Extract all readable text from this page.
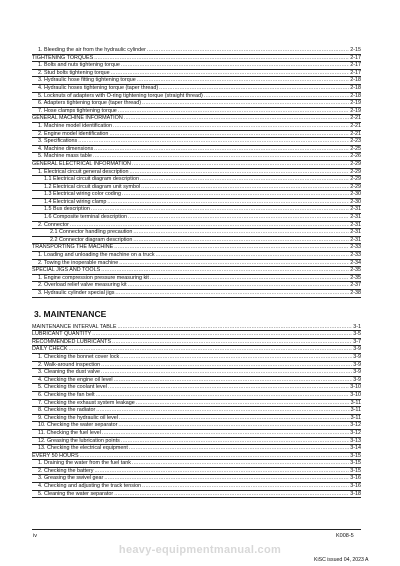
1. Bleeding the air from the hydraulic cylinder .....	2-15
TIGHTENING TORQUES .....	2-17
1. Bolts and nuts tightening torque .....	2-17
2. Stud bolts tightening torque .....	2-17
3. Hydraulic hose fitting tightening torque .....	2-18
4. Hydraulic hoses tightening torque (taper thread) .....	2-18
5. Locknuts of adapters with O-ring tightening torque (straight thread) .....	2-18
6. Adapters tightening torque (taper thread) .....	2-19
7. Hose clamps tightening torque .....	2-19
GENERAL MACHINE INFORMATION .....	2-21
1. Machine model identification .....	2-21
2. Engine model identification .....	2-21
3. Specifications .....	2-23
4. Machine dimensions .....	2-25
5. Machine mass table .....	2-26
GENERAL ELECTRICAL INFORMATION .....	2-29
1. Electrical circuit general description .....	2-29
1.1 Electrical circuit diagram description .....	2-29
1.2 Electrical circuit diagram unit symbol .....	2-29
1.3 Electrical wiring color coding .....	2-30
1.4 Electrical wiring clamp .....	2-30
1.5 Bus description .....	2-31
1.6 Composite terminal description .....	2-31
2. Connector .....	2-31
2.1 Connector handling precaution .....	2-31
2.2 Connector diagram description .....	2-31
TRANSPORTING THE MACHINE .....	2-33
1. Loading and unloading the machine on a truck .....	2-33
2. Towing the inoperable machine .....	2-34
SPECIAL JIGS AND TOOLS .....	2-35
1. Engine compression pressure measuring kit .....	2-35
2. Overload relief valve measuring kit .....	2-37
3. Hydraulic cylinder special jigs .....	2-38
3. MAINTENANCE
MAINTENANCE INTERVAL TABLE .....	3-1
LUBRICANT QUANTITY .....	3-5
RECOMMENDED LUBRICANTS .....	3-7
DAILY CHECK .....	3-9
1. Checking the bonnet cover lock .....	3-9
2. Walk-around inspection .....	3-9
3. Cleaning the dust valve .....	3-9
4. Checking the engine oil level .....	3-9
5. Checking the coolant level .....	3-10
6. Checking the fan belt .....	3-10
7. Checking the exhaust system leakage .....	3-11
8. Checking the radiator .....	3-11
9. Checking the hydraulic oil level .....	3-11
10. Checking the water separator .....	3-12
11. Checking the fuel level .....	3-12
12. Greasing the lubrication points .....	3-13
13. Checking the electrical equipment .....	3-14
EVERY 50 HOURS .....	3-15
1. Draining the water from the fuel tank .....	3-15
2. Checking the battery .....	3-15
3. Greasing the swivel gear .....	3-16
4. Checking and adjusting the track tension .....	3-16
5. Cleaning the water separator .....	3-18
iv	K008-5
heavy-equipmentmanual.com
KiSC issued 04, 2023 A
